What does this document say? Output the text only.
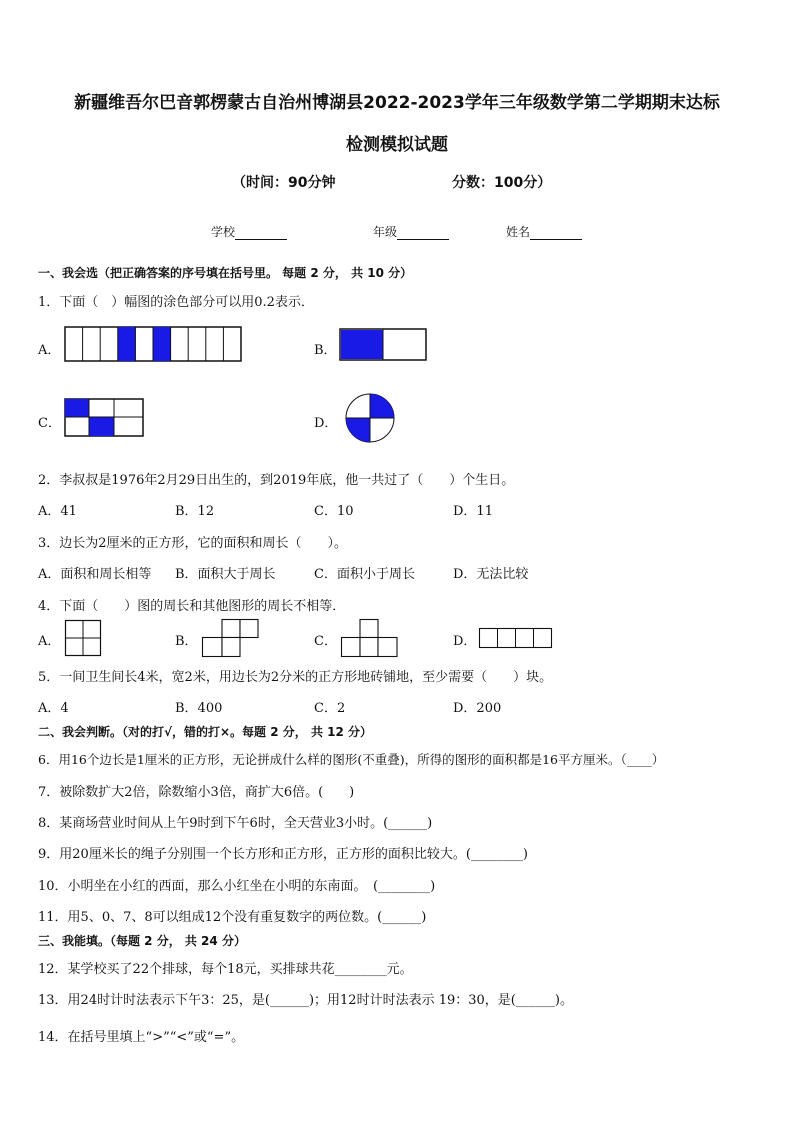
新疆维吾尔巴音郭楞蒙古自治州博湖县2022-2023学年三年级数学第二学期期末达标
检测模拟试题
（时间：90分钟	分数：100分）
学校	年级	姓名
一、我会选（把正确答案的序号填在括号里。 每题 2 分， 共 10 分）
1．下面（　）幅图的涂色部分可以用0.2表示．
A．	B．
C．	D．
2．李叔叔是1976年2月29日出生的，到2019年底，他一共过了（　　）个生日。
A．41	B．12	C．10	D．11
3．边长为2厘米的正方形，它的面积和周长（　　）。
A．面积和周长相等 B．面积大于周长	C．面积小于周长	D．无法比较
4．下面（　　）图的周长和其他图形的周长不相等．
A．	B．	C．	D．
5．一间卫生间长4米，宽2米，用边长为2分米的正方形地砖铺地，至少需要（　　）块。
A．4	B．400	C．2	D．200
二、我会判断。（对的打√，错的打×。每题 2 分， 共 12 分）
6．用16个边长是1厘米的正方形，无论拼成什么样的图形(不重叠)，所得的图形的面积都是16平方厘米。（____）
7．被除数扩大2倍，除数缩小3倍，商扩大6倍。(　　)
8．某商场营业时间从上午9时到下午6时，全天营业3小时。(______)
9．用20厘米长的绳子分别围一个长方形和正方形，正方形的面积比较大。(________)
10．小明坐在小红的西面，那么小红坐在小明的东南面。　(________)
11．用5、0、7、8可以组成12个没有重复数字的两位数。(______)
三、我能填。（每题 2 分， 共 24 分）
12．某学校买了22个排球，每个18元，买排球共花________元。
13．用24时计时法表示下午3：25，是(______)；用12时计时法表示 19：30，是(______)。
14．在括号里填上“>”“<”或“=”。
